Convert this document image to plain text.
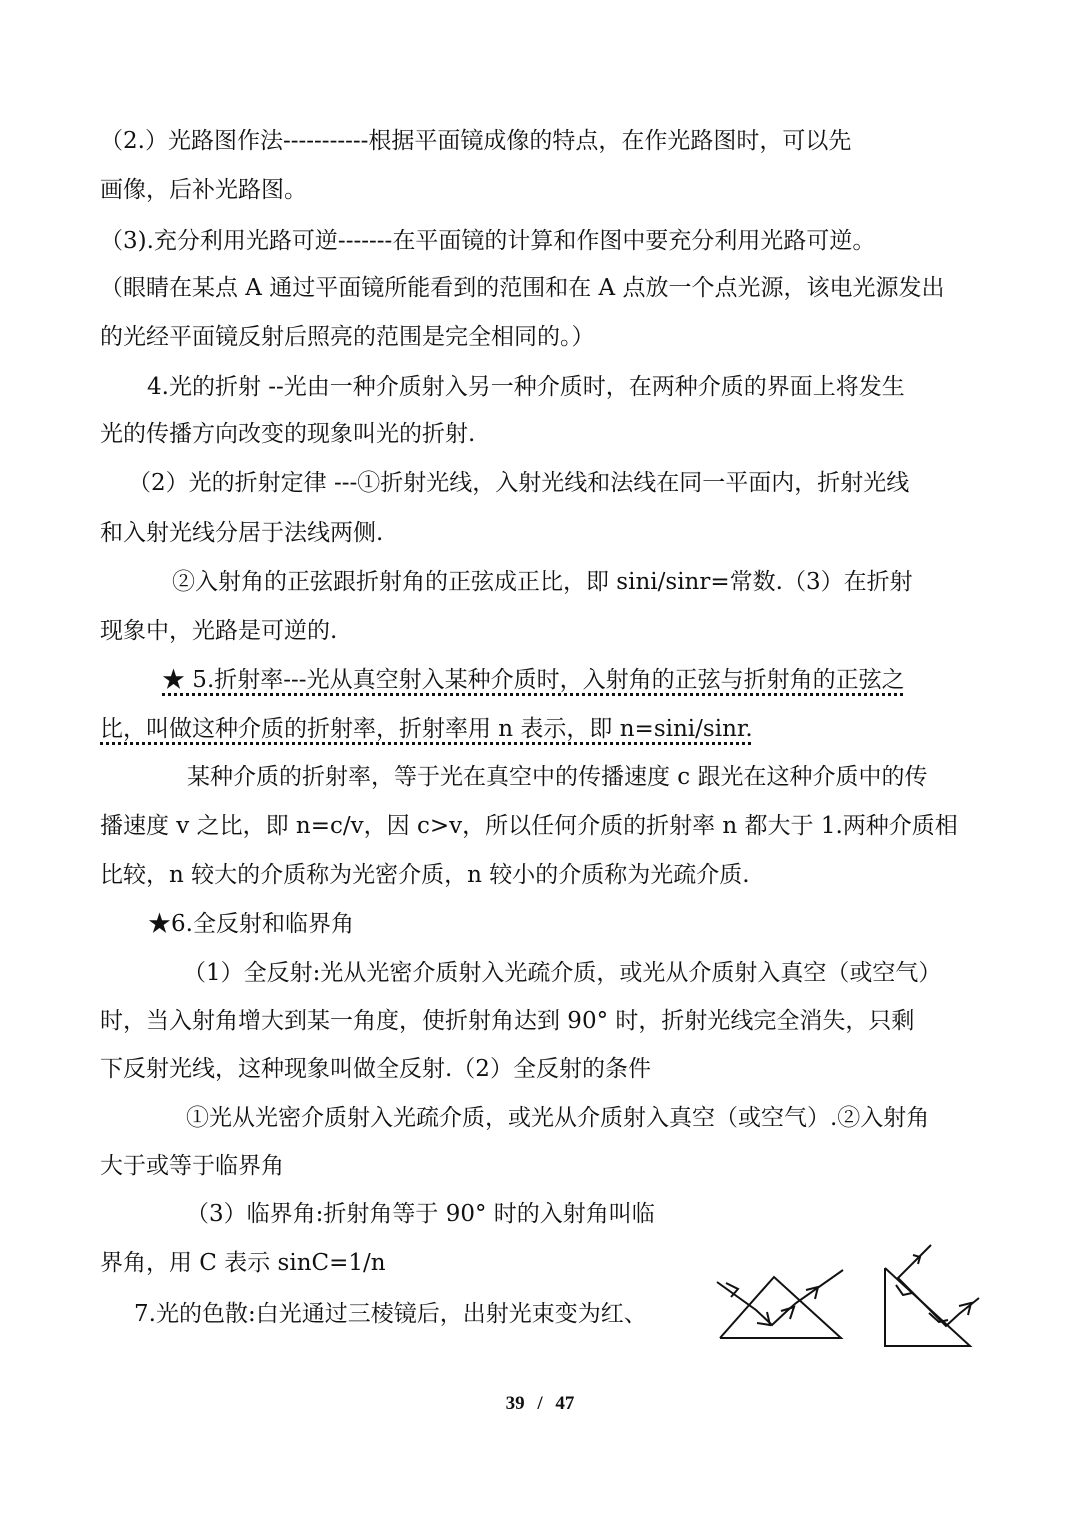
（2.）光路图作法-----------根据平面镜成像的特点，在作光路图时，可以先
画像，后补光路图。
（3).充分利用光路可逆-------在平面镜的计算和作图中要充分利用光路可逆。
（眼睛在某点 A 通过平面镜所能看到的范围和在 A 点放一个点光源，该电光源发出
的光经平面镜反射后照亮的范围是完全相同的。）
4.光的折射 --光由一种介质射入另一种介质时，在两种介质的界面上将发生
光的传播方向改变的现象叫光的折射.
（2）光的折射定律 ---①折射光线，入射光线和法线在同一平面内，折射光线
和入射光线分居于法线两侧.
②入射角的正弦跟折射角的正弦成正比，即 sini/sinr=常数.（3）在折射
现象中，光路是可逆的.
★ 5.折射率---光从真空射入某种介质时，入射角的正弦与折射角的正弦之
比，叫做这种介质的折射率，折射率用 n 表示，即 n=sini/sinr.
某种介质的折射率，等于光在真空中的传播速度 c 跟光在这种介质中的传
播速度 v 之比，即 n=c/v，因 c>v，所以任何介质的折射率 n 都大于 1.两种介质相
比较，n 较大的介质称为光密介质，n 较小的介质称为光疏介质.
★6.全反射和临界角
（1）全反射:光从光密介质射入光疏介质，或光从介质射入真空（或空气）
时，当入射角增大到某一角度，使折射角达到 90° 时，折射光线完全消失，只剩
下反射光线，这种现象叫做全反射.（2）全反射的条件
①光从光密介质射入光疏介质，或光从介质射入真空（或空气）.②入射角
大于或等于临界角
（3）临界角:折射角等于 90° 时的入射角叫临
界角，用 C 表示 sinC=1/n
7.光的色散:白光通过三棱镜后，出射光束变为红、
39 / 47
